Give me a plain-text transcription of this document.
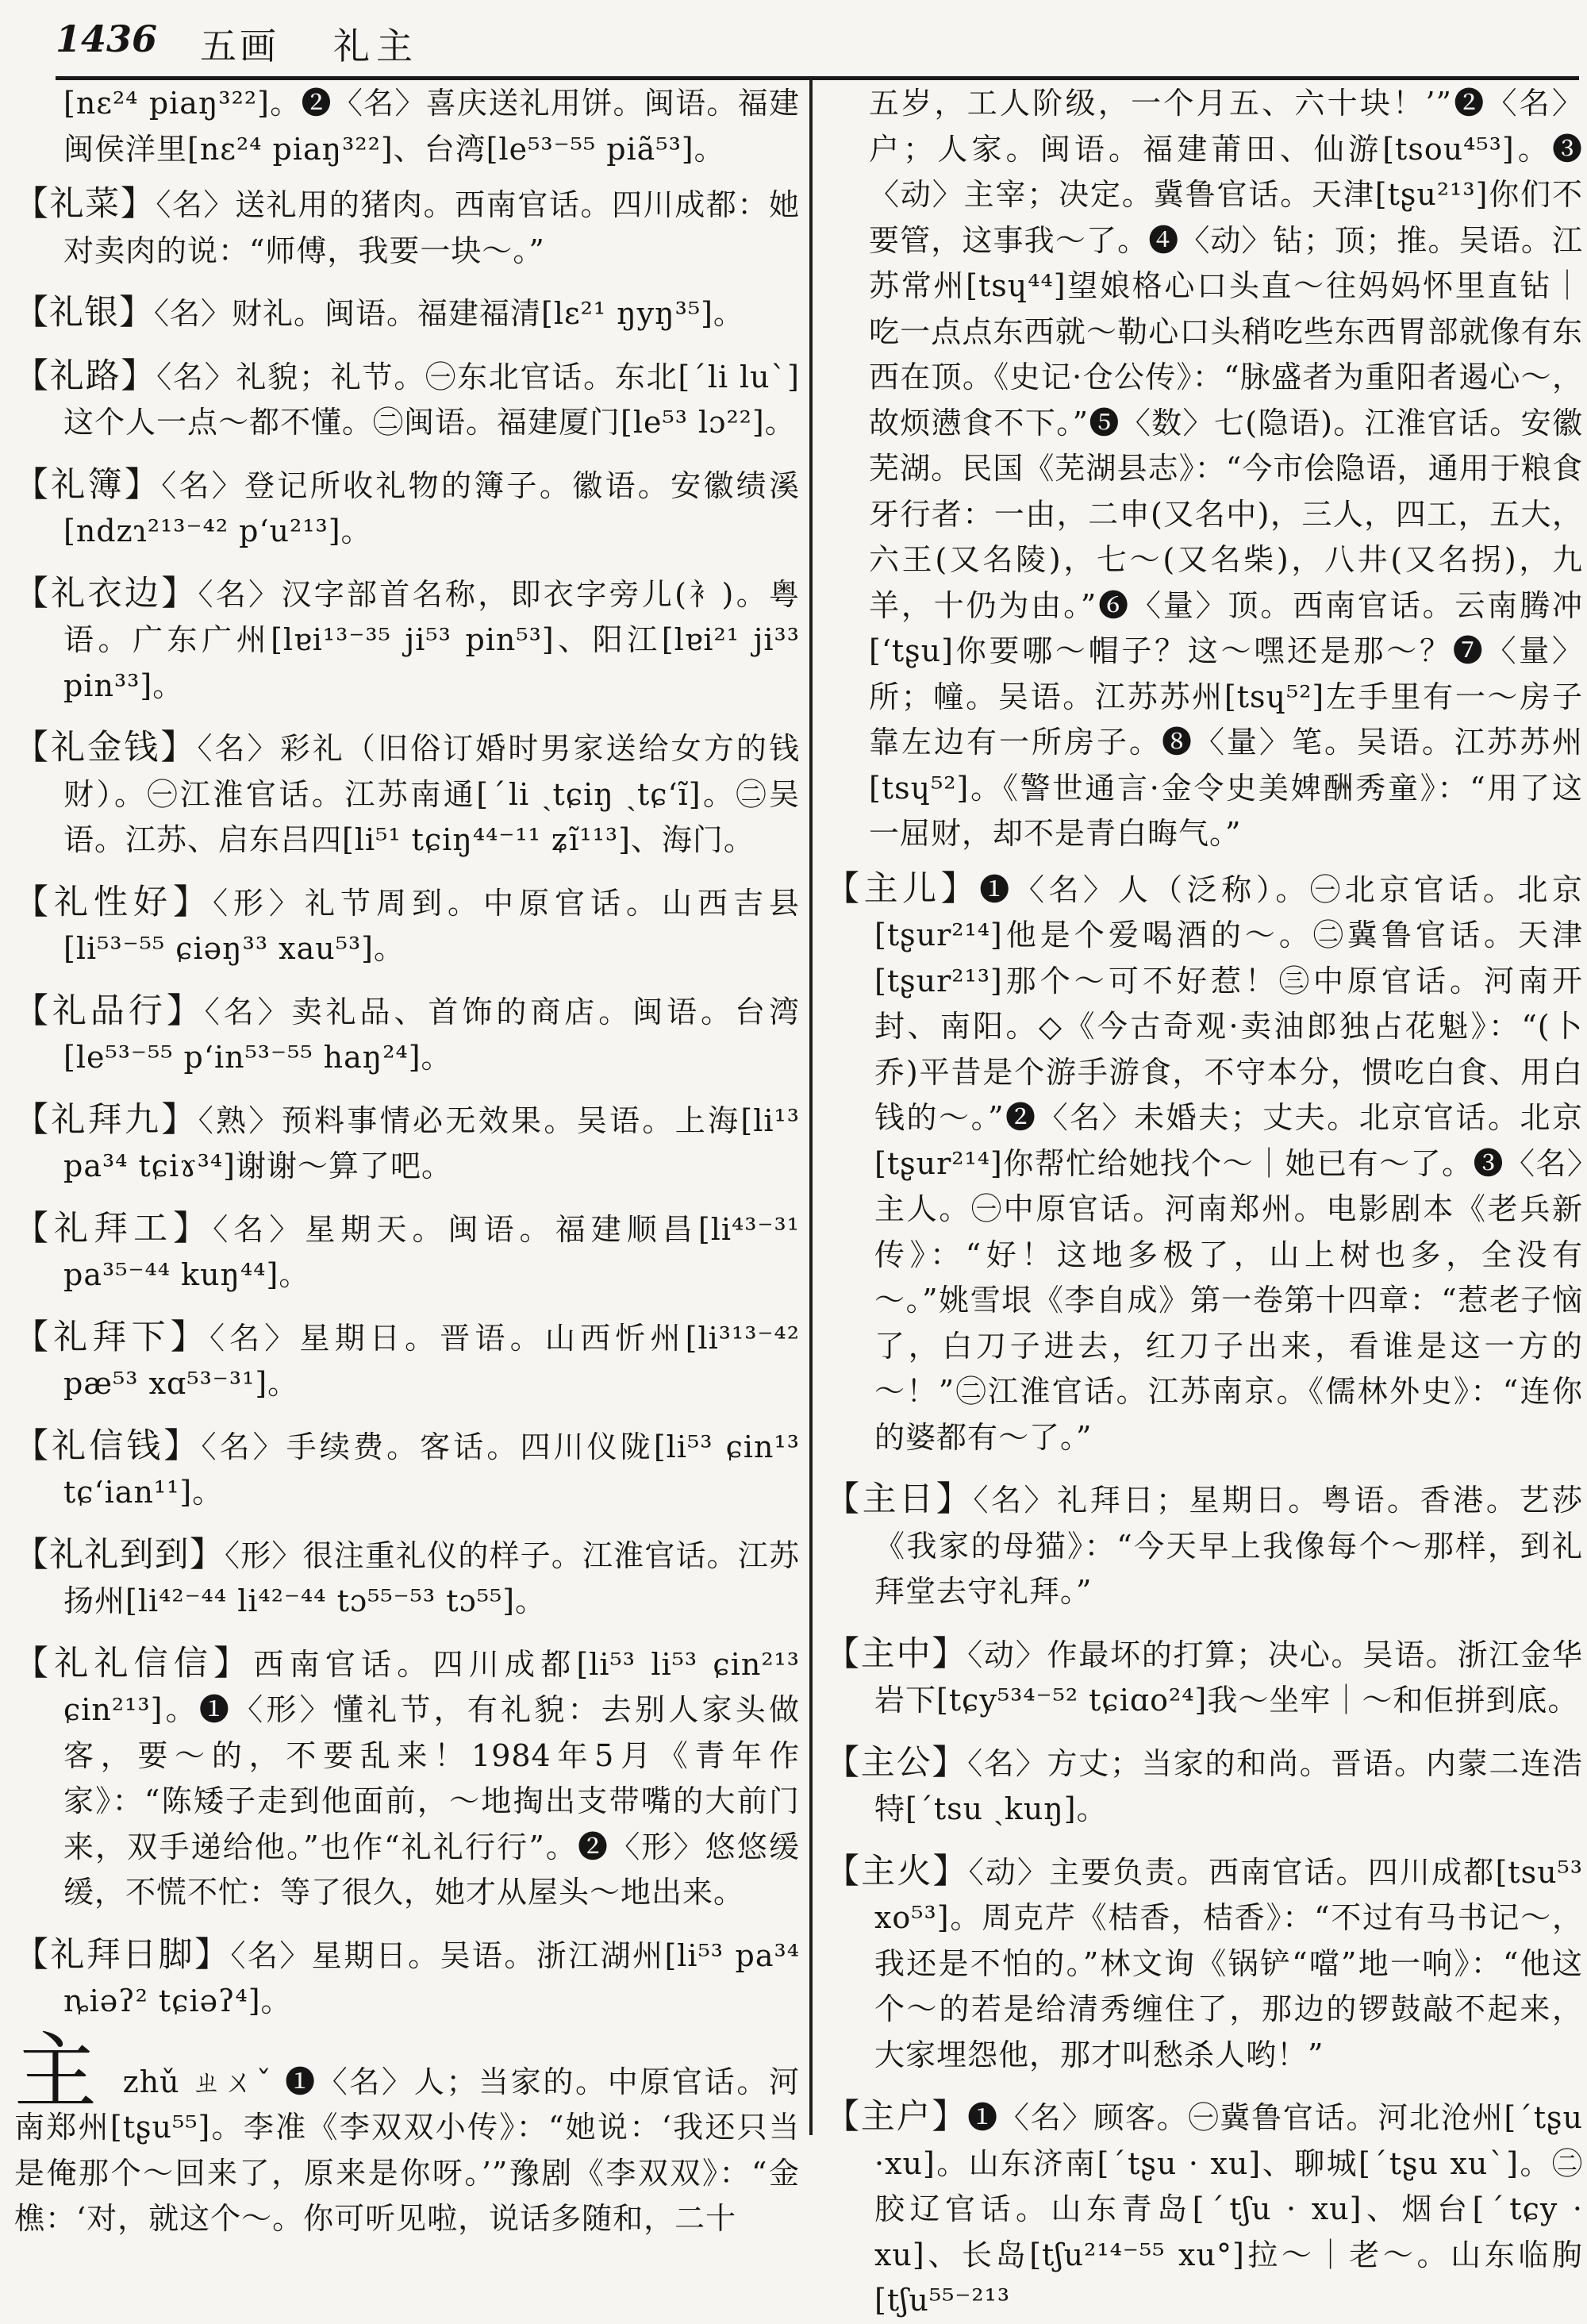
1436 五画 礼主

[nɛ²⁴ piaŋ³²²]。❷〈名〉喜庆送礼用饼。闽语。福建闽侯洋里[nɛ²⁴ piaŋ³²²]、台湾[le⁵³⁻⁵⁵ piã⁵³]。

【礼菜】〈名〉送礼用的猪肉。西南官话。四川成都：她对卖肉的说：“师傅，我要一块～。”

【礼银】〈名〉财礼。闽语。福建福清[lɛ²¹ ŋyŋ³⁵]。

【礼路】〈名〉礼貌；礼节。㊀东北官话。东北[ˊli luˋ]这个人一点～都不懂。㊁闽语。福建厦门[le⁵³ lɔ²²]。

【礼簿】〈名〉登记所收礼物的簿子。徽语。安徽绩溪[ndzɿ²¹³⁻⁴² p‘u²¹³]。

【礼衣边】〈名〉汉字部首名称，即衣字旁儿(衤)。粤语。广东广州[lɐi¹³⁻³⁵ ji⁵³ pin⁵³]、阳江[lɐi²¹ ji³³ pin³³]。

【礼金钱】〈名〉彩礼（旧俗订婚时男家送给女方的钱财）。㊀江淮官话。江苏南通[ˊli ˏtɕiŋ ˏtɕ‘ĩ]。㊁吴语。江苏、启东吕四[li⁵¹ tɕiŋ⁴⁴⁻¹¹ ʑĩ¹¹³]、海门。

【礼性好】〈形〉礼节周到。中原官话。山西吉县[li⁵³⁻⁵⁵ ɕiəŋ³³ xau⁵³]。

【礼品行】〈名〉卖礼品、首饰的商店。闽语。台湾[le⁵³⁻⁵⁵ p‘in⁵³⁻⁵⁵ haŋ²⁴]。

【礼拜九】〈熟〉预料事情必无效果。吴语。上海[li¹³ pa³⁴ tɕiɤ³⁴]谢谢～算了吧。

【礼拜工】〈名〉星期天。闽语。福建顺昌[li⁴³⁻³¹ pa³⁵⁻⁴⁴ kuŋ⁴⁴]。

【礼拜下】〈名〉星期日。晋语。山西忻州[li³¹³⁻⁴² pæ⁵³ xɑ⁵³⁻³¹]。

【礼信钱】〈名〉手续费。客话。四川仪陇[li⁵³ ɕin¹³ tɕ‘ian¹¹]。

【礼礼到到】〈形〉很注重礼仪的样子。江淮官话。江苏扬州[li⁴²⁻⁴⁴ li⁴²⁻⁴⁴ tɔ⁵⁵⁻⁵³ tɔ⁵⁵]。

【礼礼信信】西南官话。四川成都[li⁵³ li⁵³ ɕin²¹³ ɕin²¹³]。❶〈形〉懂礼节，有礼貌：去别人家头做客，要～的，不要乱来！1984年5月《青年作家》：“陈矮子走到他面前，～地掏出支带嘴的大前门来，双手递给他。”也作“礼礼行行”。❷〈形〉悠悠缓缓，不慌不忙：等了很久，她才从屋头～地出来。

【礼拜日脚】〈名〉星期日。吴语。浙江湖州[li⁵³ pa³⁴ ȵiəʔ² tɕiəʔ⁴]。

主zhǔ ㄓㄨˇ ❶〈名〉人；当家的。中原官话。河南郑州[tʂu⁵⁵]。李准《李双双小传》：“她说：‘我还只当是俺那个～回来了，原来是你呀。’”豫剧《李双双》：“金樵：‘对，就这个～。你可听见啦，说话多随和，二十

五岁，工人阶级，一个月五、六十块！’”❷〈名〉户；人家。闽语。福建莆田、仙游[tsou⁴⁵³]。❸〈动〉主宰；决定。冀鲁官话。天津[tʂu²¹³]你们不要管，这事我～了。❹〈动〉钻；顶；推。吴语。江苏常州[tsɥ⁴⁴]望娘格心口头直～往妈妈怀里直钻｜吃一点点东西就～勒心口头稍吃些东西胃部就像有东西在顶。《史记·仓公传》：“脉盛者为重阳者遏心～，故烦懑食不下。”❺〈数〉七(隐语)。江淮官话。安徽芜湖。民国《芜湖县志》：“今市侩隐语，通用于粮食牙行者：一由，二申(又名中)，三人，四工，五大，六王(又名陵)，七～(又名柴)，八井(又名拐)，九羊，十仍为由。”❻〈量〉顶。西南官话。云南腾冲[‘tʂu]你要哪～帽子？这～嘿还是那～？❼〈量〉所；幢。吴语。江苏苏州[tsɥ⁵²]左手里有一～房子靠左边有一所房子。❽〈量〉笔。吴语。江苏苏州[tsɥ⁵²]。《警世通言·金令史美婢酬秀童》：“用了这一屈财，却不是青白晦气。”

【主儿】❶〈名〉人（泛称）。㊀北京官话。北京[tʂur²¹⁴]他是个爱喝酒的～。㊁冀鲁官话。天津[tʂur²¹³]那个～可不好惹！㊂中原官话。河南开封、南阳。◇《今古奇观·卖油郎独占花魁》：“(卜乔)平昔是个游手游食，不守本分，惯吃白食、用白钱的～。”❷〈名〉未婚夫；丈夫。北京官话。北京[tʂur²¹⁴]你帮忙给她找个～｜她已有～了。❸〈名〉主人。㊀中原官话。河南郑州。电影剧本《老兵新传》：“好！这地多极了，山上树也多，全没有～。”姚雪垠《李自成》第一卷第十四章：“惹老子恼了，白刀子进去，红刀子出来，看谁是这一方的～！”㊁江淮官话。江苏南京。《儒林外史》：“连你的婆都有～了。”

【主日】〈名〉礼拜日；星期日。粤语。香港。艺莎《我家的母猫》：“今天早上我像每个～那样，到礼拜堂去守礼拜。”

【主中】〈动〉作最坏的打算；决心。吴语。浙江金华岩下[tɕy⁵³⁴⁻⁵² tɕiɑo²⁴]我～坐牢｜～和佢拼到底。

【主公】〈名〉方丈；当家的和尚。晋语。内蒙二连浩特[ˊtsu ˏkuŋ]。

【主火】〈动〉主要负责。西南官话。四川成都[tsu⁵³ xo⁵³]。周克芹《桔香，桔香》：“不过有马书记～，我还是不怕的。”林文询《锅铲“噹”地一响》：“他这个～的若是给清秀缠住了，那边的锣鼓敲不起来，大家埋怨他，那才叫愁杀人哟！”

【主户】❶〈名〉顾客。㊀冀鲁官话。河北沧州[ˊtʂu ·xu]。山东济南[ˊtʂu · xu]、聊城[ˊtʂu xuˋ]。㊁胶辽官话。山东青岛[ˊtʃu · xu]、烟台[ˊtɕy · xu]、长岛[tʃu²¹⁴⁻⁵⁵ xu°]拉～｜老～。山东临朐[tʃu⁵⁵⁻²¹³
